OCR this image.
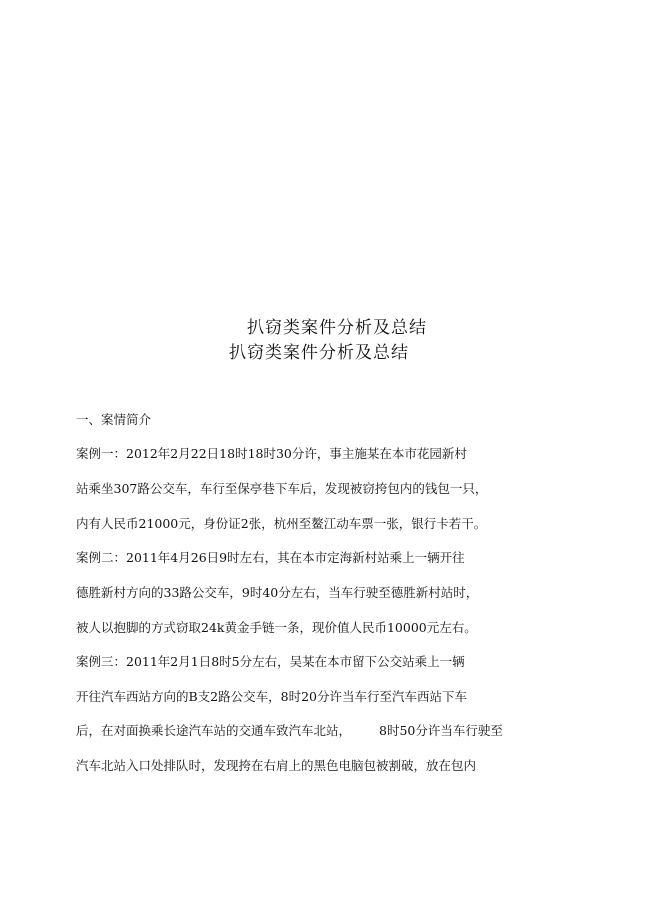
扒窃类案件分析及总结
扒窃类案件分析及总结
一、案情简介
案例一：2012年2月22日18时18时30分许，事主施某在本市花园新村
站乘坐307路公交车，车行至保亭巷下车后，发现被窃挎包内的钱包一只，
内有人民币21000元，身份证2张，杭州至鳌江动车票一张，银行卡若干。
案例二：2011年4月26日9时左右，其在本市定海新村站乘上一辆开往
德胜新村方向的33路公交车，9时40分左右，当车行驶至德胜新村站时，
被人以抱脚的方式窃取24k黄金手链一条，现价值人民币10000元左右。
案例三：2011年2月1日8时5分左右，吴某在本市留下公交站乘上一辆
开往汽车西站方向的B支2路公交车，8时20分许当车行至汽车西站下车
后，在对面换乘长途汽车站的交通车致汽车北站， 8时50分许当车行驶至
汽车北站入口处排队时，发现挎在右肩上的黑色电脑包被割破，放在包内
